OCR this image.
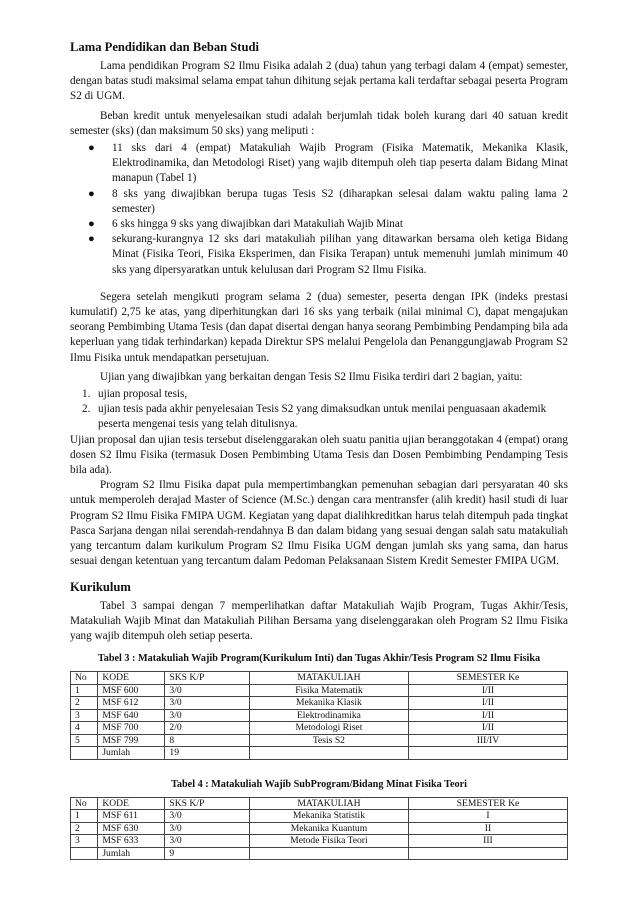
Lama Pendidikan dan Beban Studi

Lama pendidikan Program S2 Ilmu Fisika adalah 2 (dua) tahun yang terbagi dalam 4 (empat) semester, dengan batas studi maksimal selama empat tahun dihitung sejak pertama kali terdaftar sebagai peserta Program S2 di UGM.

Beban kredit untuk menyelesaikan studi adalah berjumlah tidak boleh kurang dari 40 satuan kredit semester (sks) (dan maksimum 50 sks) yang meliputi :

● 11 sks dari 4 (empat) Matakuliah Wajib Program (Fisika Matematik, Mekanika Klasik, Elektrodinamika, dan Metodologi Riset) yang wajib ditempuh oleh tiap peserta dalam Bidang Minat manapun (Tabel 1)
● 8 sks yang diwajibkan berupa tugas Tesis S2 (diharapkan selesai dalam waktu paling lama 2 semester)
● 6 sks hingga 9 sks yang diwajibkan dari Matakuliah Wajib Minat
● sekurang-kurangnya 12 sks dari matakuliah pilihan yang ditawarkan bersama oleh ketiga Bidang Minat (Fisika Teori, Fisika Eksperimen, dan Fisika Terapan) untuk memenuhi jumlah minimum 40 sks yang dipersyaratkan untuk kelulusan dari Program S2 Ilmu Fisika.

Segera setelah mengikuti program selama 2 (dua) semester, peserta dengan IPK (indeks prestasi kumulatif) 2,75 ke atas, yang diperhitungkan dari 16 sks yang terbaik (nilai minimal C), dapat mengajukan seorang Pembimbing Utama Tesis (dan dapat disertai dengan hanya seorang Pembimbing Pendamping bila ada keperluan yang tidak terhindarkan) kepada Direktur SPS melalui Pengelola dan Penanggungjawab Program S2 Ilmu Fisika untuk mendapatkan persetujuan.

Ujian yang diwajibkan yang berkaitan dengan Tesis S2 Ilmu Fisika terdiri dari 2 bagian, yaitu:

1. ujian proposal tesis,
2. ujian tesis pada akhir penyelesaian Tesis S2 yang dimaksudkan untuk menilai penguasaan akademik peserta mengenai tesis yang telah ditulisnya.

Ujian proposal dan ujian tesis tersebut diselenggarakan oleh suatu panitia ujian beranggotakan 4 (empat) orang dosen S2 Ilmu Fisika (termasuk Dosen Pembimbing Utama Tesis dan Dosen Pembimbing Pendamping Tesis bila ada).

Program S2 Ilmu Fisika dapat pula mempertimbangkan pemenuhan sebagian dari persyaratan 40 sks untuk memperoleh derajad Master of Science (M.Sc.) dengan cara mentransfer (alih kredit) hasil studi di luar Program S2 Ilmu Fisika FMIPA UGM. Kegiatan yang dapat dialihkreditkan harus telah ditempuh pada tingkat Pasca Sarjana dengan nilai serendah-rendahnya B dan dalam bidang yang sesuai dengan salah satu matakuliah yang tercantum dalam kurikulum Program S2 Ilmu Fisika UGM dengan jumlah sks yang sama, dan harus sesuai dengan ketentuan yang tercantum dalam Pedoman Pelaksanaan Sistem Kredit Semester FMIPA UGM.

Kurikulum

Tabel 3 sampai dengan 7 memperlihatkan daftar Matakuliah Wajib Program, Tugas Akhir/Tesis, Matakuliah Wajib Minat dan Matakuliah Pilihan Bersama yang diselenggarakan oleh Program S2 Ilmu Fisika yang wajib ditempuh oleh setiap peserta.

Tabel 3 : Matakuliah Wajib Program(Kurikulum Inti) dan Tugas Akhir/Tesis Program S2 Ilmu Fisika
No	KODE	SKS K/P	MATAKULIAH	SEMESTER Ke
1	MSF 600	3/0	Fisika Matematik	I/II
2	MSF 612	3/0	Mekanika Klasik	I/II
3	MSF 640	3/0	Elektrodinamika	I/II
4	MSF 700	2/0	Metodologi Riset	I/II
5	MSF 799	8	Tesis S2	III/IV
	Jumlah	19		
Tabel 4 : Matakuliah Wajib SubProgram/Bidang Minat Fisika Teori
No	KODE	SKS K/P	MATAKULIAH	SEMESTER Ke
1	MSF 611	3/0	Mekanika Statistik	I
2	MSF 630	3/0	Mekanika Kuantum	II
3	MSF 633	3/0	Metode Fisika Teori	III
	Jumlah	9		
